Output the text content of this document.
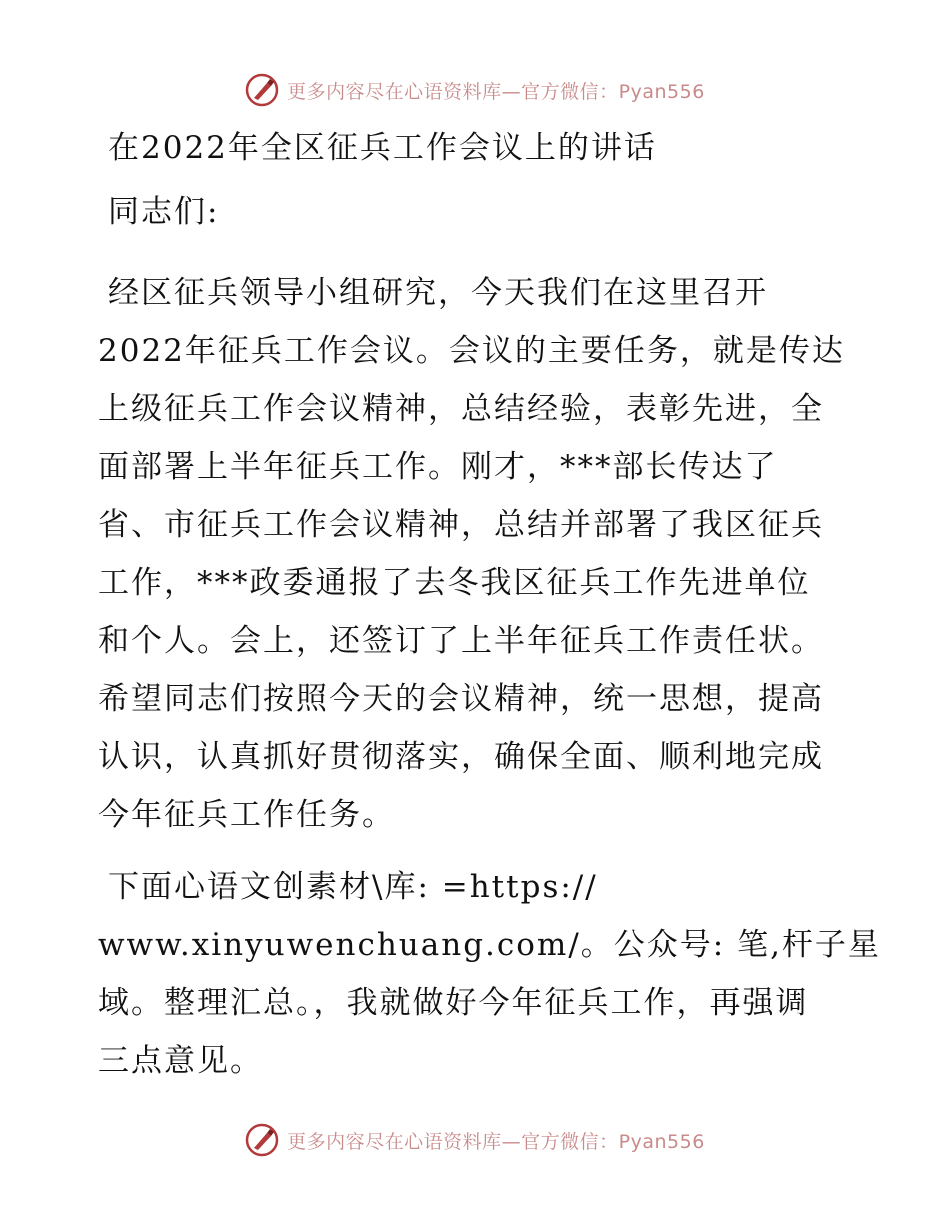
更多内容尽在心语资料库—官方微信：Pyan556
在2022年全区征兵工作会议上的讲话
同志们:
经区征兵领导小组研究，今天我们在这里召开
2022年征兵工作会议。会议的主要任务，就是传达
上级征兵工作会议精神，总结经验，表彰先进，全
面部署上半年征兵工作。刚才，***部长传达了
省、市征兵工作会议精神，总结并部署了我区征兵
工作，***政委通报了去冬我区征兵工作先进单位
和个人。会上，还签订了上半年征兵工作责任状。
希望同志们按照今天的会议精神，统一思想，提高
认识，认真抓好贯彻落实，确保全面、顺利地完成
今年征兵工作任务。
下面心语文创素材\库: =https://
www.xinyuwenchuang.com/。公众号: 笔,杆子星
域。整理汇总。，我就做好今年征兵工作，再强调
三点意见。
更多内容尽在心语资料库—官方微信：Pyan556
